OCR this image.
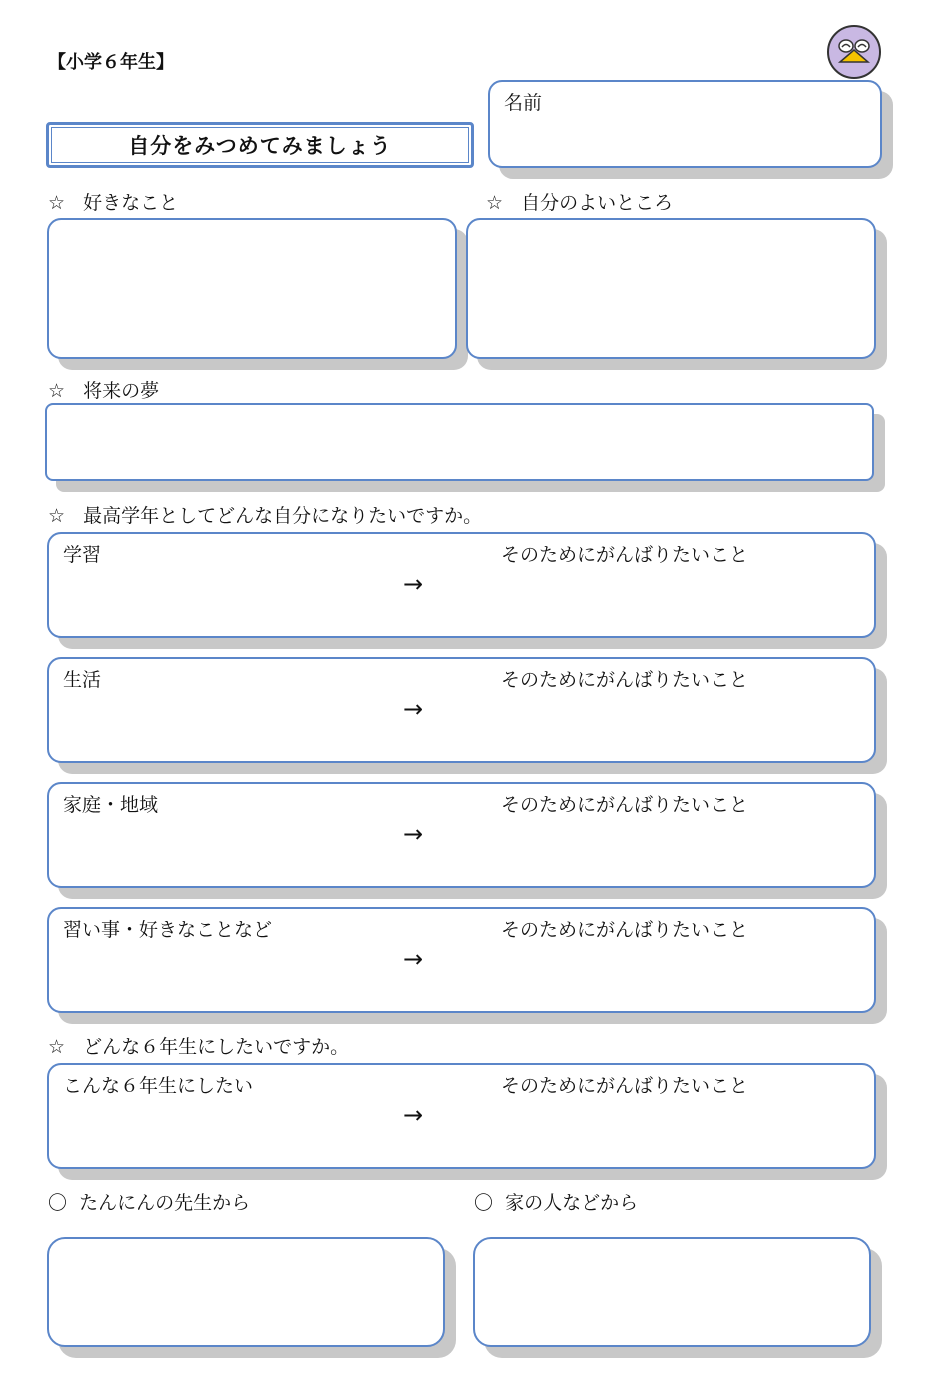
【小学６年生】
名前
自分をみつめてみましょう
☆ 好きなこと	☆ 自分のよいところ
☆ 将来の夢
☆ 最高学年としてどんな自分になりたいですか。
学習	そのためにがんばりたいこと
→
生活	そのためにがんばりたいこと
→
家庭・地域	そのためにがんばりたいこと
→
習い事・好きなことなど	そのためにがんばりたいこと
→
☆ どんな６年生にしたいですか。
こんな６年生にしたい	そのためにがんばりたいこと
→
〇 たんにんの先生から	〇 家の人などから
